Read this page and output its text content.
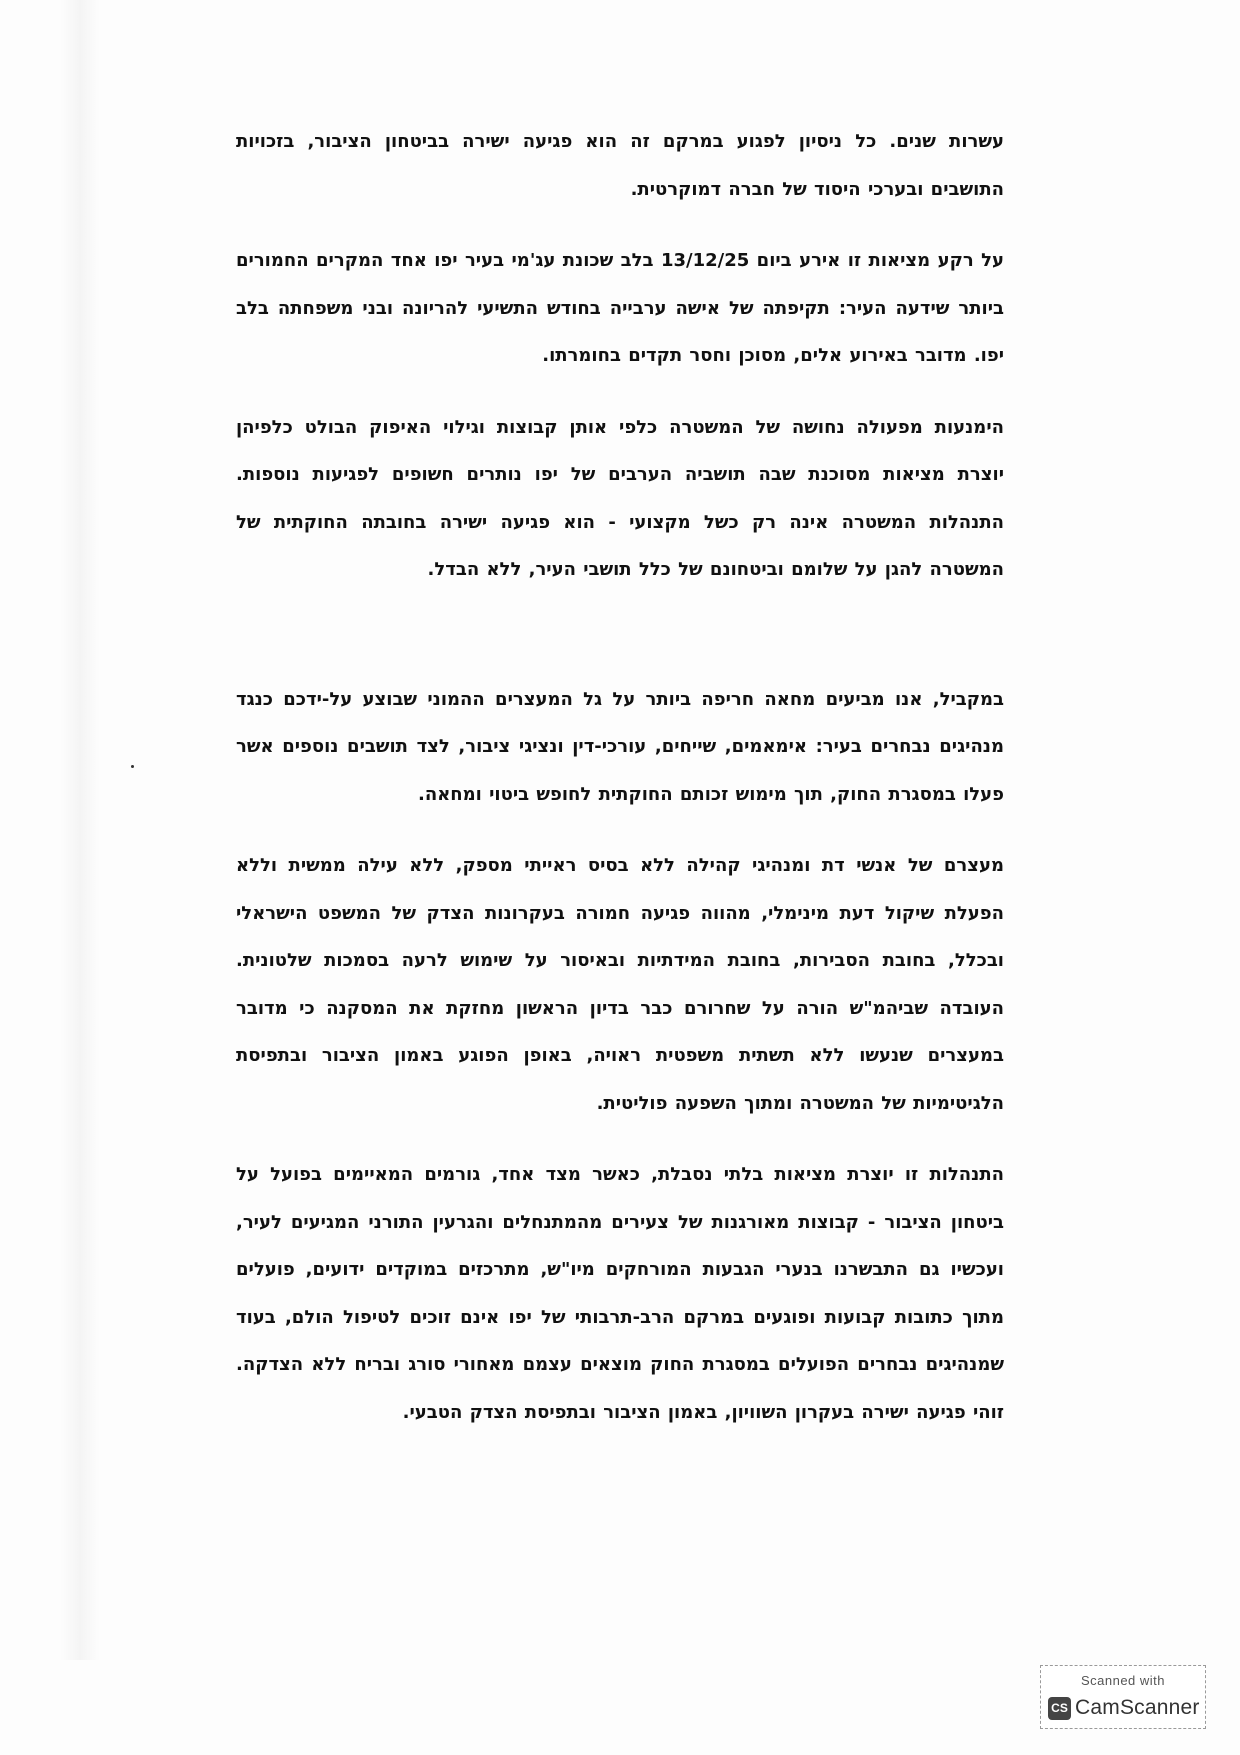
עשרות שנים. כל ניסיון לפגוע במרקם זה הוא פגיעה ישירה בביטחון הציבור, בזכויות התושבים ובערכי היסוד של חברה דמוקרטית.

על רקע מציאות זו אירע ביום 13/12/25 בלב שכונת עג'מי בעיר יפו אחד המקרים החמורים ביותר שידעה העיר: תקיפתה של אישה ערבייה בחודש התשיעי להריונה ובני משפחתה בלב יפו. מדובר באירוע אלים, מסוכן וחסר תקדים בחומרתו.

הימנעות מפעולה נחושה של המשטרה כלפי אותן קבוצות וגילוי האיפוק הבולט כלפיהן יוצרת מציאות מסוכנת שבה תושביה הערבים של יפו נותרים חשופים לפגיעות נוספות. התנהלות המשטרה אינה רק כשל מקצועי - הוא פגיעה ישירה בחובתה החוקתית של המשטרה להגן על שלומם וביטחונם של כלל תושבי העיר, ללא הבדל.

במקביל, אנו מביעים מחאה חריפה ביותר על גל המעצרים ההמוני שבוצע על-ידכם כנגד מנהיגים נבחרים בעיר: אימאמים, שייחים, עורכי-דין ונציגי ציבור, לצד תושבים נוספים אשר פעלו במסגרת החוק, תוך מימוש זכותם החוקתית לחופש ביטוי ומחאה.

מעצרם של אנשי דת ומנהיגי קהילה ללא בסיס ראייתי מספק, ללא עילה ממשית וללא הפעלת שיקול דעת מינימלי, מהווה פגיעה חמורה בעקרונות הצדק של המשפט הישראלי ובכלל, בחובת הסבירות, בחובת המידתיות ובאיסור על שימוש לרעה בסמכות שלטונית. העובדה שביהמ"ש הורה על שחרורם כבר בדיון הראשון מחזקת את המסקנה כי מדובר במעצרים שנעשו ללא תשתית משפטית ראויה, באופן הפוגע באמון הציבור ובתפיסת הלגיטימיות של המשטרה ומתוך השפעה פוליטית.

התנהלות זו יוצרת מציאות בלתי נסבלת, כאשר מצד אחד, גורמים המאיימים בפועל על ביטחון הציבור - קבוצות מאורגנות של צעירים מהמתנחלים והגרעין התורני המגיעים לעיר, ועכשיו גם התבשרנו בנערי הגבעות המורחקים מיו"ש, מתרכזים במוקדים ידועים, פועלים מתוך כתובות קבועות ופוגעים במרקם הרב-תרבותי של יפו אינם זוכים לטיפול הולם, בעוד שמנהיגים נבחרים הפועלים במסגרת החוק מוצאים עצמם מאחורי סורג ובריח ללא הצדקה. זוהי פגיעה ישירה בעקרון השוויון, באמון הציבור ובתפיסת הצדק הטבעי.

Scanned with
CS CamScanner
